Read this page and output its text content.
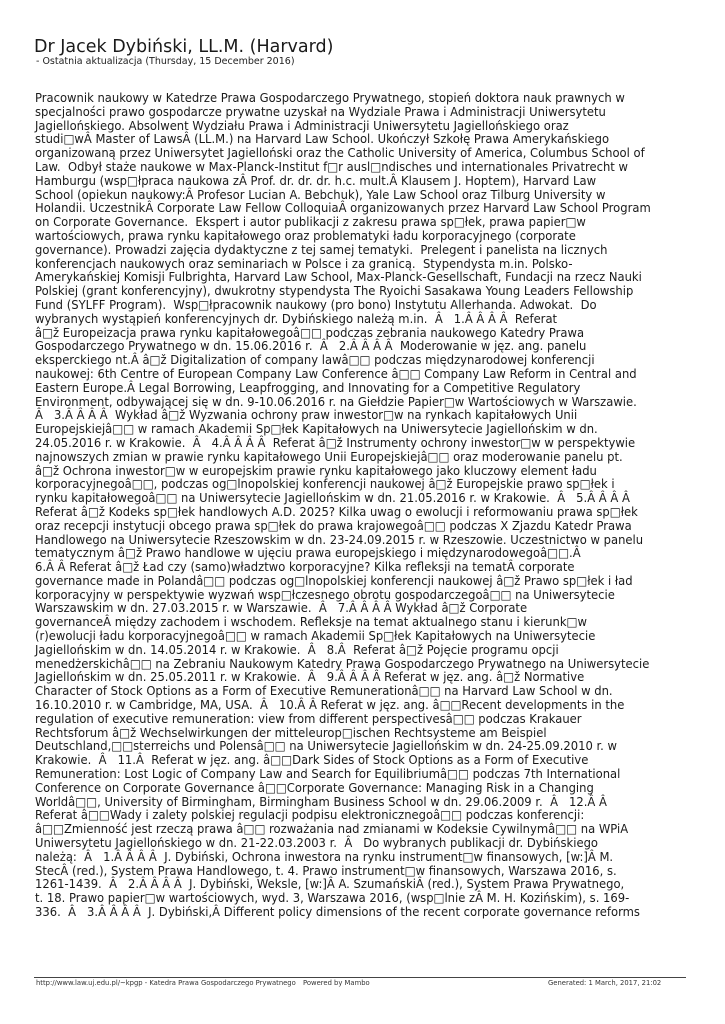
Dr Jacek Dybiński, LL.M. (Harvard)
- Ostatnia aktualizacja (Thursday, 15 December 2016)
Pracownik naukowy w Katedrze Prawa Gospodarczego Prywatnego, stopień doktora nauk prawnych w
specjalności prawo gospodarcze prywatne uzyskał na Wydziale Prawa i Administracji Uniwersytetu
Jagiellońskiego. Absolwent Wydziału Prawa i Administracji Uniwersytetu Jagiellońskiego oraz
studi□wÂ Master of LawsÂ (LL.M.) na Harvard Law School. Ukończył Szkołę Prawa Amerykańskiego
organizowaną przez Uniwersytet Jagielloński oraz the Catholic University of America, Columbus School of
Law.  Odbył staże naukowe w Max-Planck-Institut f□r ausl□ndisches und internationales Privatrecht w
Hamburgu (wsp□łpraca naukowa zÂ Prof. dr. dr. dr. h.c. mult.Â Klausem J. Hoptem), Harvard Law
School (opiekun naukowy:Â Profesor Lucian A. Bebchuk), Yale Law School oraz Tilburg University w
Holandii. UczestnikÂ Corporate Law Fellow ColloquiaÂ organizowanych przez Harvard Law School Program
on Corporate Governance.  Ekspert i autor publikacji z zakresu prawa sp□łek, prawa papier□w
wartościowych, prawa rynku kapitałowego oraz problematyki ładu korporacyjnego (corporate
governance). Prowadzi zajęcia dydaktyczne z tej samej tematyki.  Prelegent i panelista na licznych
konferencjach naukowych oraz seminariach w Polsce i za granicą.  Stypendysta m.in. Polsko-
Amerykańskiej Komisji Fulbrighta, Harvard Law School, Max-Planck-Gesellschaft, Fundacji na rzecz Nauki
Polskiej (grant konferencyjny), dwukrotny stypendysta The Ryoichi Sasakawa Young Leaders Fellowship
Fund (SYLFF Program).  Wsp□łpracownik naukowy (pro bono) Instytutu Allerhanda. Adwokat.  Do
wybranych wystąpień konferencyjnych dr. Dybińskiego należą m.in.  Â   1.Â Â Â Â  Referat
â□ž Europeizacja prawa rynku kapitałowegoâ□□ podczas zebrania naukowego Katedry Prawa
Gospodarczego Prywatnego w dn. 15.06.2016 r.  Â   2.Â Â Â Â  Moderowanie w jęz. ang. panelu
eksperckiego nt.Â â□ž Digitalization of company lawâ□□ podczas międzynarodowej konferencji
naukowej: 6th Centre of European Company Law Conference â□□ Company Law Reform in Central and
Eastern Europe.Â Legal Borrowing, Leapfrogging, and Innovating for a Competitive Regulatory
Environment, odbywającej się w dn. 9-10.06.2016 r. na Giełdzie Papier□w Wartościowych w Warszawie.
Â   3.Â Â Â Â  Wykład â□ž Wyzwania ochrony praw inwestor□w na rynkach kapitałowych Unii
Europejskiejâ□□ w ramach Akademii Sp□łek Kapitałowych na Uniwersytecie Jagiellońskim w dn.
24.05.2016 r. w Krakowie.  Â   4.Â Â Â Â  Referat â□ž Instrumenty ochrony inwestor□w w perspektywie
najnowszych zmian w prawie rynku kapitałowego Unii Europejskiejâ□□ oraz moderowanie panelu pt.
â□ž Ochrona inwestor□w w europejskim prawie rynku kapitałowego jako kluczowy element ładu
korporacyjnegoâ□□, podczas og□lnopolskiej konferencji naukowej â□ž Europejskie prawo sp□łek i
rynku kapitałowegoâ□□ na Uniwersytecie Jagiellońskim w dn. 21.05.2016 r. w Krakowie.  Â   5.Â Â Â Â
Referat â□ž Kodeks sp□łek handlowych A.D. 2025? Kilka uwag o ewolucji i reformowaniu prawa sp□łek
oraz recepcji instytucji obcego prawa sp□łek do prawa krajowegoâ□□ podczas X Zjazdu Katedr Prawa
Handlowego na Uniwersytecie Rzeszowskim w dn. 23-24.09.2015 r. w Rzeszowie. Uczestnictwo w panelu
tematycznym â□ž Prawo handlowe w ujęciu prawa europejskiego i międzynarodowegoâ□□.Â
6.Â Â Referat â□ž Ład czy (samo)władztwo korporacyjne? Kilka refleksji na tematÂ corporate
governance made in Polandâ□□ podczas og□lnopolskiej konferencji naukowej â□ž Prawo sp□łek i ład
korporacyjny w perspektywie wyzwań wsp□łczesnego obrotu gospodarczegoâ□□ na Uniwersytecie
Warszawskim w dn. 27.03.2015 r. w Warszawie.  Â   7.Â Â Â Â Wykład â□ž Corporate
governanceÂ między zachodem i wschodem. Refleksje na temat aktualnego stanu i kierunk□w
(r)ewolucji ładu korporacyjnegoâ□□ w ramach Akademii Sp□łek Kapitałowych na Uniwersytecie
Jagiellońskim w dn. 14.05.2014 r. w Krakowie.  Â   8.Â  Referat â□ž Pojęcie programu opcji
menedżerskichâ□□ na Zebraniu Naukowym Katedry Prawa Gospodarczego Prywatnego na Uniwersytecie
Jagiellońskim w dn. 25.05.2011 r. w Krakowie.  Â   9.Â Â Â Â Referat w jęz. ang. â□ž Normative
Character of Stock Options as a Form of Executive Remunerationâ□□ na Harvard Law School w dn.
16.10.2010 r. w Cambridge, MA, USA.  Â   10.Â Â Referat w jęz. ang. â□□Recent developments in the
regulation of executive remuneration: view from different perspectivesâ□□ podczas Krakauer
Rechtsforum â□ž Wechselwirkungen der mitteleurop□ischen Rechtsysteme am Beispiel
Deutschland,□□sterreichs und Polensâ□□ na Uniwersytecie Jagiellońskim w dn. 24-25.09.2010 r. w
Krakowie.  Â   11.Â  Referat w jęz. ang. â□□Dark Sides of Stock Options as a Form of Executive
Remuneration: Lost Logic of Company Law and Search for Equilibriumâ□□ podczas 7th International
Conference on Corporate Governance â□□Corporate Governance: Managing Risk in a Changing
Worldâ□□, University of Birmingham, Birmingham Business School w dn. 29.06.2009 r.  Â   12.Â Â
Referat â□□Wady i zalety polskiej regulacji podpisu elektronicznegoâ□□ podczas konferencji:
â□□Zmienność jest rzeczą prawa â□□ rozważania nad zmianami w Kodeksie Cywilnymâ□□ na WPiA
Uniwersytetu Jagiellońskiego w dn. 21-22.03.2003 r.  Â   Do wybranych publikacji dr. Dybińskiego
należą:  Â   1.Â Â Â Â  J. Dybiński, Ochrona inwestora na rynku instrument□w finansowych, [w:]Â M.
StecÂ (red.), System Prawa Handlowego, t. 4. Prawo instrument□w finansowych, Warszawa 2016, s.
1261-1439.  Â   2.Â Â Â Â  J. Dybiński, Weksle, [w:]Â A. SzumańskiÂ (red.), System Prawa Prywatnego,
t. 18. Prawo papier□w wartościowych, wyd. 3, Warszawa 2016, (wsp□lnie zÂ M. H. Kozińskim), s. 169-
336.  Â   3.Â Â Â Â  J. Dybiński,Â Different policy dimensions of the recent corporate governance reforms
http://www.law.uj.edu.pl/~kpgp - Katedra Prawa Gospodarczego Prywatnego Powered by Mambo	Generated: 1 March, 2017, 21:02
